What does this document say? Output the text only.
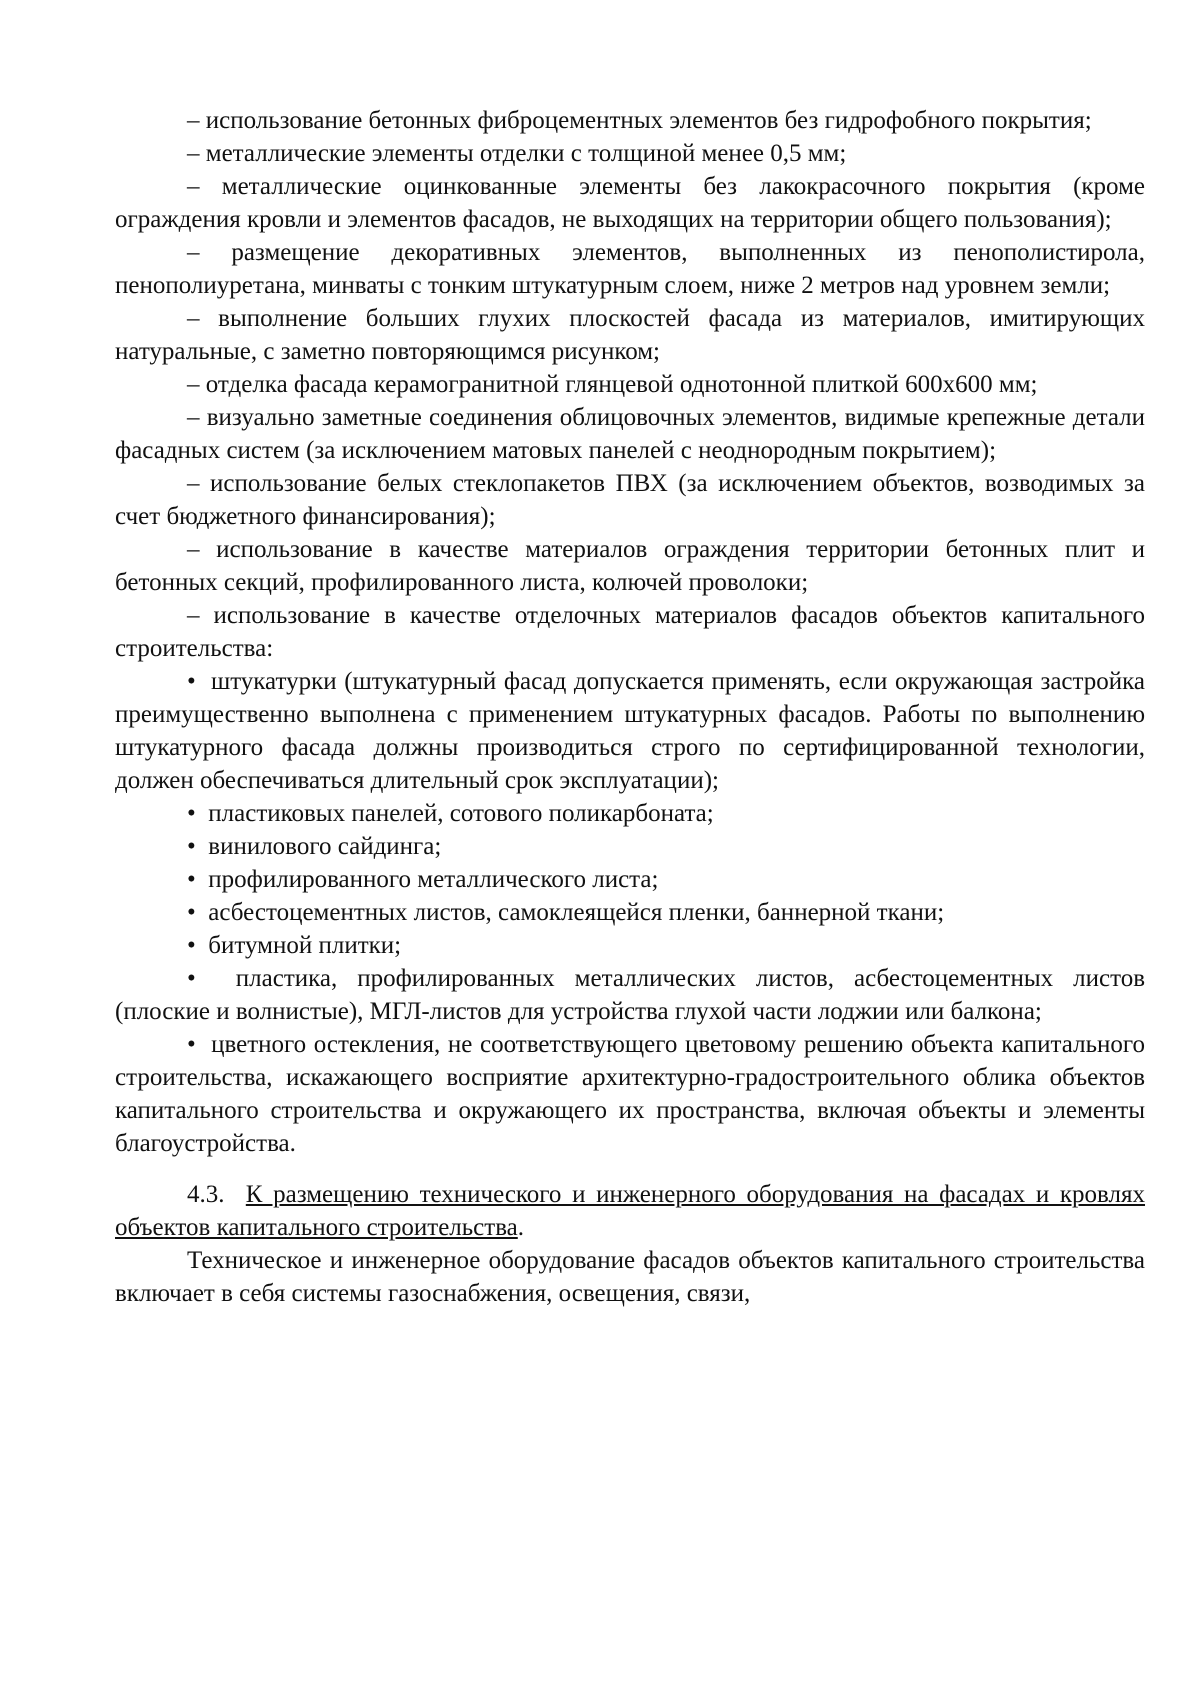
– использование бетонных фиброцементных элементов без гидрофобного покрытия;

– металлические элементы отделки с толщиной менее 0,5 мм;

– металлические оцинкованные элементы без лакокрасочного покрытия (кроме ограждения кровли и элементов фасадов, не выходящих на территории общего пользования);

– размещение декоративных элементов, выполненных из пенополистирола, пенополиуретана, минваты с тонким штукатурным слоем, ниже 2 метров над уровнем земли;

– выполнение больших глухих плоскостей фасада из материалов, имитирующих натуральные, с заметно повторяющимся рисунком;

– отделка фасада керамогранитной глянцевой однотонной плиткой 600х600 мм;

– визуально заметные соединения облицовочных элементов, видимые крепежные детали фасадных систем (за исключением матовых панелей с неоднородным покрытием);

– использование белых стеклопакетов ПВХ (за исключением объектов, возводимых за счет бюджетного финансирования);

– использование в качестве материалов ограждения территории бетонных плит и бетонных секций, профилированного листа, колючей проволоки;

– использование в качестве отделочных материалов фасадов объектов капитального строительства:

•  штукатурки (штукатурный фасад допускается применять, если окружающая застройка преимущественно выполнена с применением штукатурных фасадов. Работы по выполнению штукатурного фасада должны производиться строго по сертифицированной технологии, должен обеспечиваться длительный срок эксплуатации);

•  пластиковых панелей, сотового поликарбоната;

•  винилового сайдинга;

•  профилированного металлического листа;

•  асбестоцементных листов, самоклеящейся пленки, баннерной ткани;

•  битумной плитки;

•  пластика, профилированных металлических листов, асбестоцементных листов (плоские и волнистые), МГЛ-листов для устройства глухой части лоджии или балкона;

•  цветного остекления, не соответствующего цветовому решению объекта капитального строительства, искажающего восприятие архитектурно-градостроительного облика объектов капитального строительства и окружающего их пространства, включая объекты и элементы благоустройства.

4.3. К размещению технического и инженерного оборудования на фасадах и кровлях объектов капитального строительства.

Техническое и инженерное оборудование фасадов объектов капитального строительства включает в себя системы газоснабжения, освещения, связи,
